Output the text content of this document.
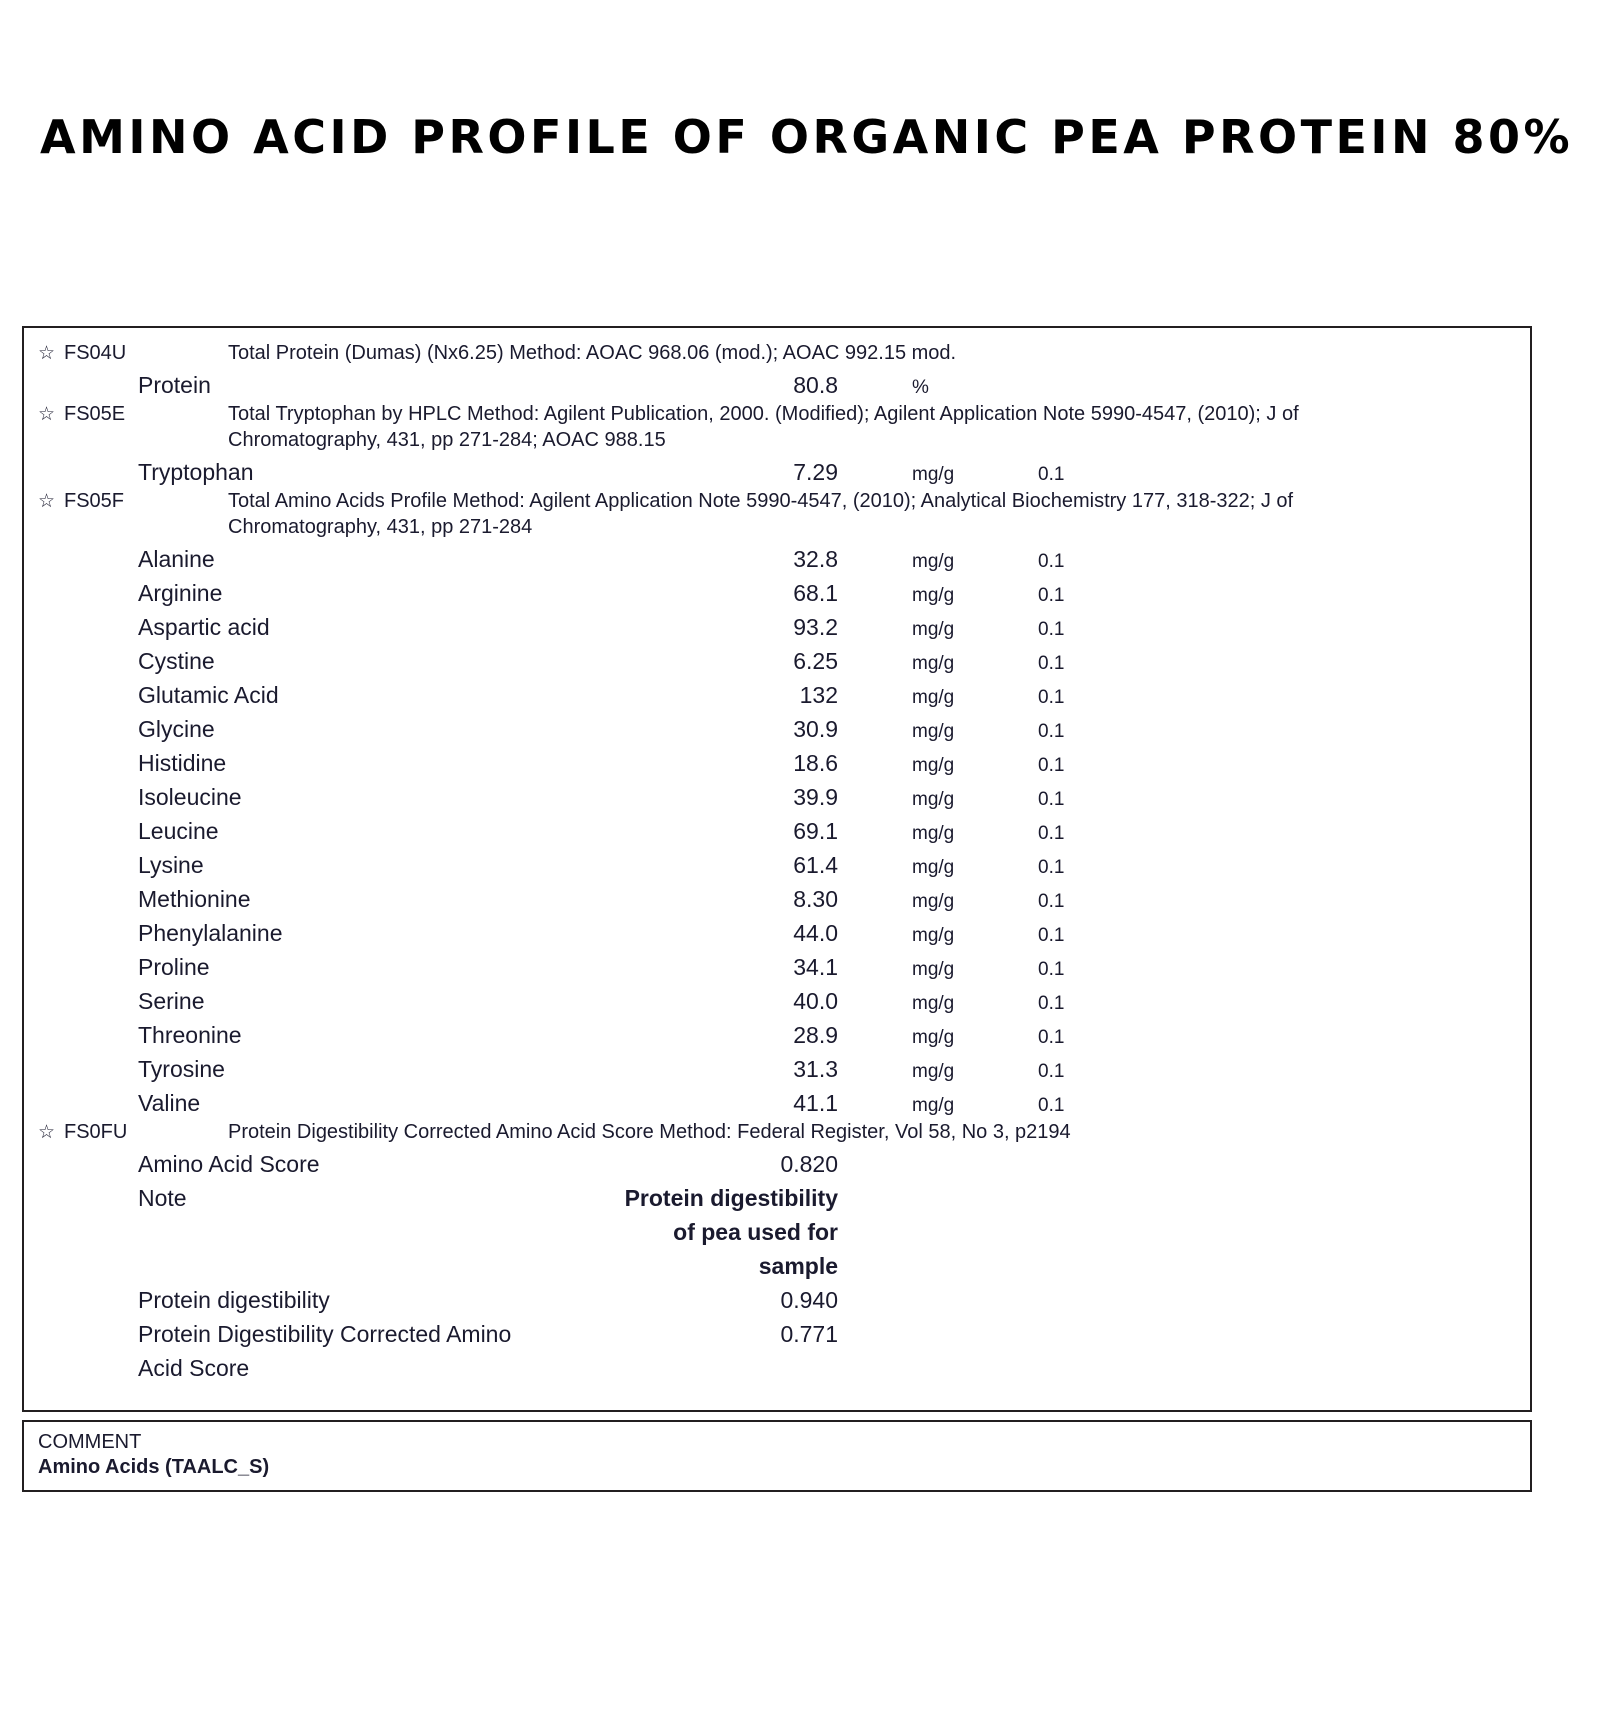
AMINO ACID PROFILE OF ORGANIC PEA PROTEIN 80%
☆ FS04U	Total Protein (Dumas) (Nx6.25) Method: AOAC 968.06 (mod.); AOAC 992.15 mod.
Protein	80.8	%
☆ FS05E	Total Tryptophan by HPLC Method: Agilent Publication, 2000. (Modified); Agilent Application Note 5990-4547, (2010); J of
Chromatography, 431, pp 271-284; AOAC 988.15
Tryptophan	7.29	mg/g	0.1
☆ FS05F	Total Amino Acids Profile Method: Agilent Application Note 5990-4547, (2010); Analytical Biochemistry 177, 318-322; J of
Chromatography, 431, pp 271-284
Alanine	32.8	mg/g	0.1
Arginine	68.1	mg/g	0.1
Aspartic acid	93.2	mg/g	0.1
Cystine	6.25	mg/g	0.1
Glutamic Acid	132	mg/g	0.1
Glycine	30.9	mg/g	0.1
Histidine	18.6	mg/g	0.1
Isoleucine	39.9	mg/g	0.1
Leucine	69.1	mg/g	0.1
Lysine	61.4	mg/g	0.1
Methionine	8.30	mg/g	0.1
Phenylalanine	44.0	mg/g	0.1
Proline	34.1	mg/g	0.1
Serine	40.0	mg/g	0.1
Threonine	28.9	mg/g	0.1
Tyrosine	31.3	mg/g	0.1
Valine	41.1	mg/g	0.1
☆ FS0FU	Protein Digestibility Corrected Amino Acid Score Method: Federal Register, Vol 58, No 3, p2194
Amino Acid Score	0.820
Note	Protein digestibility
of pea used for
sample
Protein digestibility	0.940
Protein Digestibility Corrected Amino	0.771
Acid Score
COMMENT
Amino Acids (TAALC_S)
